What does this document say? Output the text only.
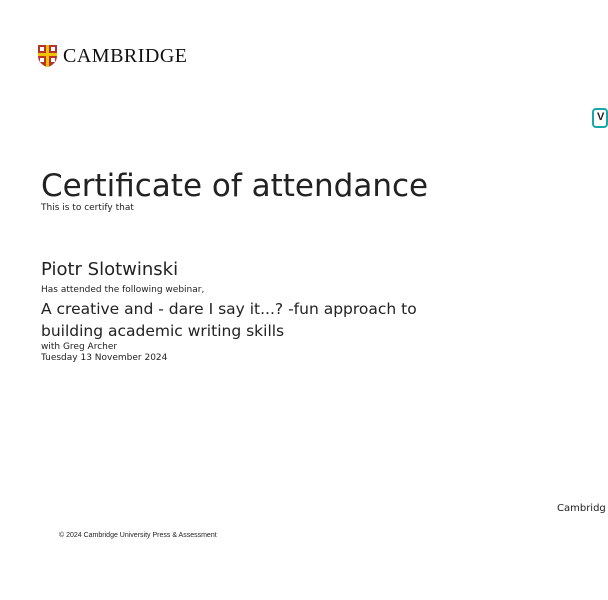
CAMBRIDGE
V
Certificate of attendance
This is to certify that
Piotr Slotwinski
Has attended the following webinar,
A creative and - dare I say it...? -fun approach to building academic writing skills
with Greg Archer
Tuesday 13 November 2024
Cambridg
© 2024 Cambridge University Press & Assessment
